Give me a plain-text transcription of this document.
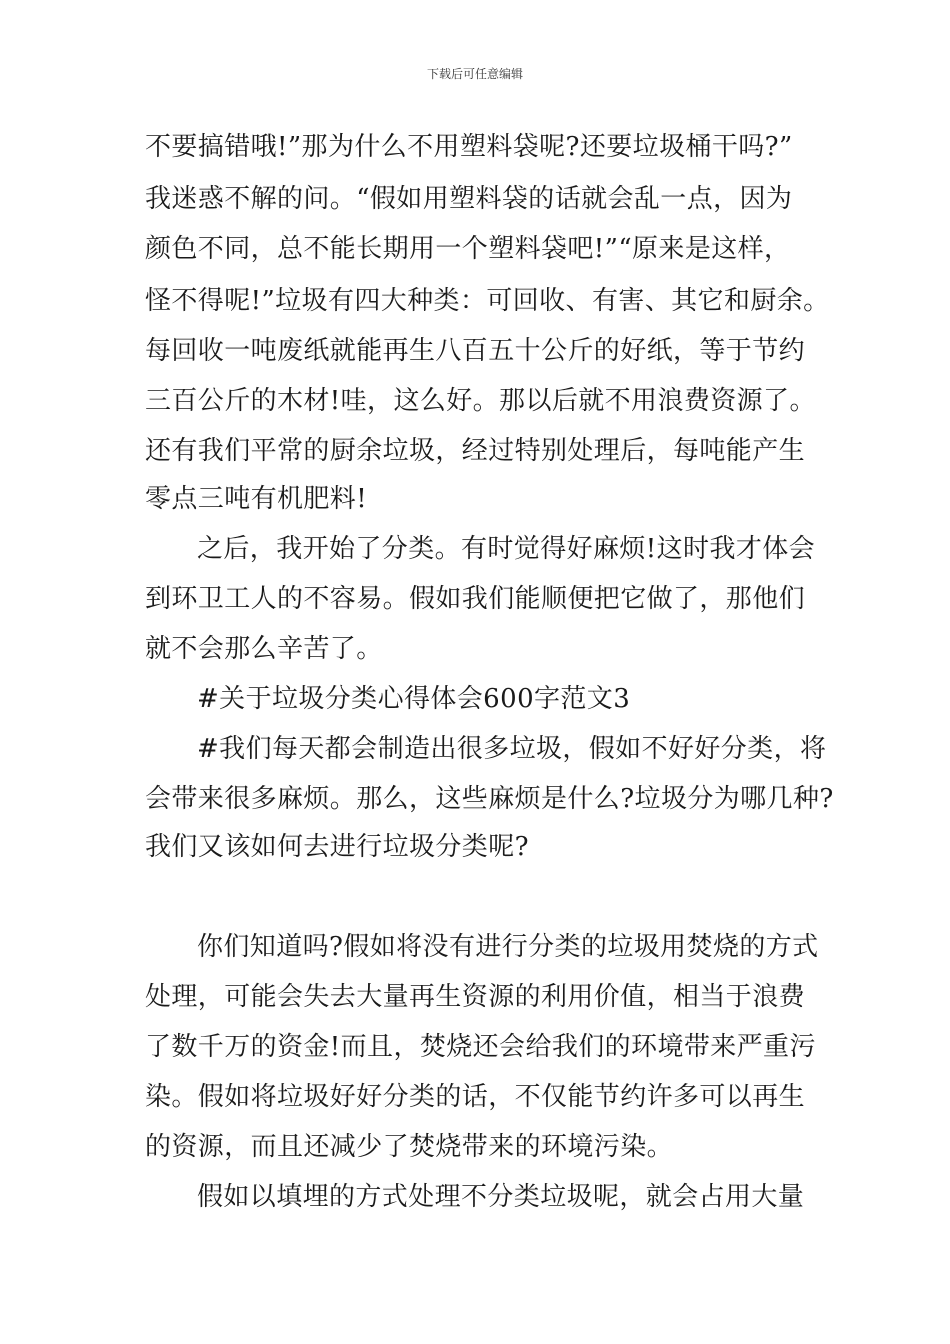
下载后可任意编辑
不要搞错哦!”那为什么不用塑料袋呢?还要垃圾桶干吗?”
我迷惑不解的问。“假如用塑料袋的话就会乱一点，因为
颜色不同，总不能长期用一个塑料袋吧!”“原来是这样，
怪不得呢!”垃圾有四大种类：可回收、有害、其它和厨余。
每回收一吨废纸就能再生八百五十公斤的好纸，等于节约
三百公斤的木材!哇，这么好。那以后就不用浪费资源了。
还有我们平常的厨余垃圾，经过特别处理后，每吨能产生
零点三吨有机肥料!
之后，我开始了分类。有时觉得好麻烦!这时我才体会
到环卫工人的不容易。假如我们能顺便把它做了，那他们
就不会那么辛苦了。
#关于垃圾分类心得体会600字范文3
#我们每天都会制造出很多垃圾，假如不好好分类，将
会带来很多麻烦。那么，这些麻烦是什么?垃圾分为哪几种?
我们又该如何去进行垃圾分类呢?
你们知道吗?假如将没有进行分类的垃圾用焚烧的方式
处理，可能会失去大量再生资源的利用价值，相当于浪费
了数千万的资金!而且，焚烧还会给我们的环境带来严重污
染。假如将垃圾好好分类的话，不仅能节约许多可以再生
的资源，而且还减少了焚烧带来的环境污染。
假如以填埋的方式处理不分类垃圾呢，就会占用大量
